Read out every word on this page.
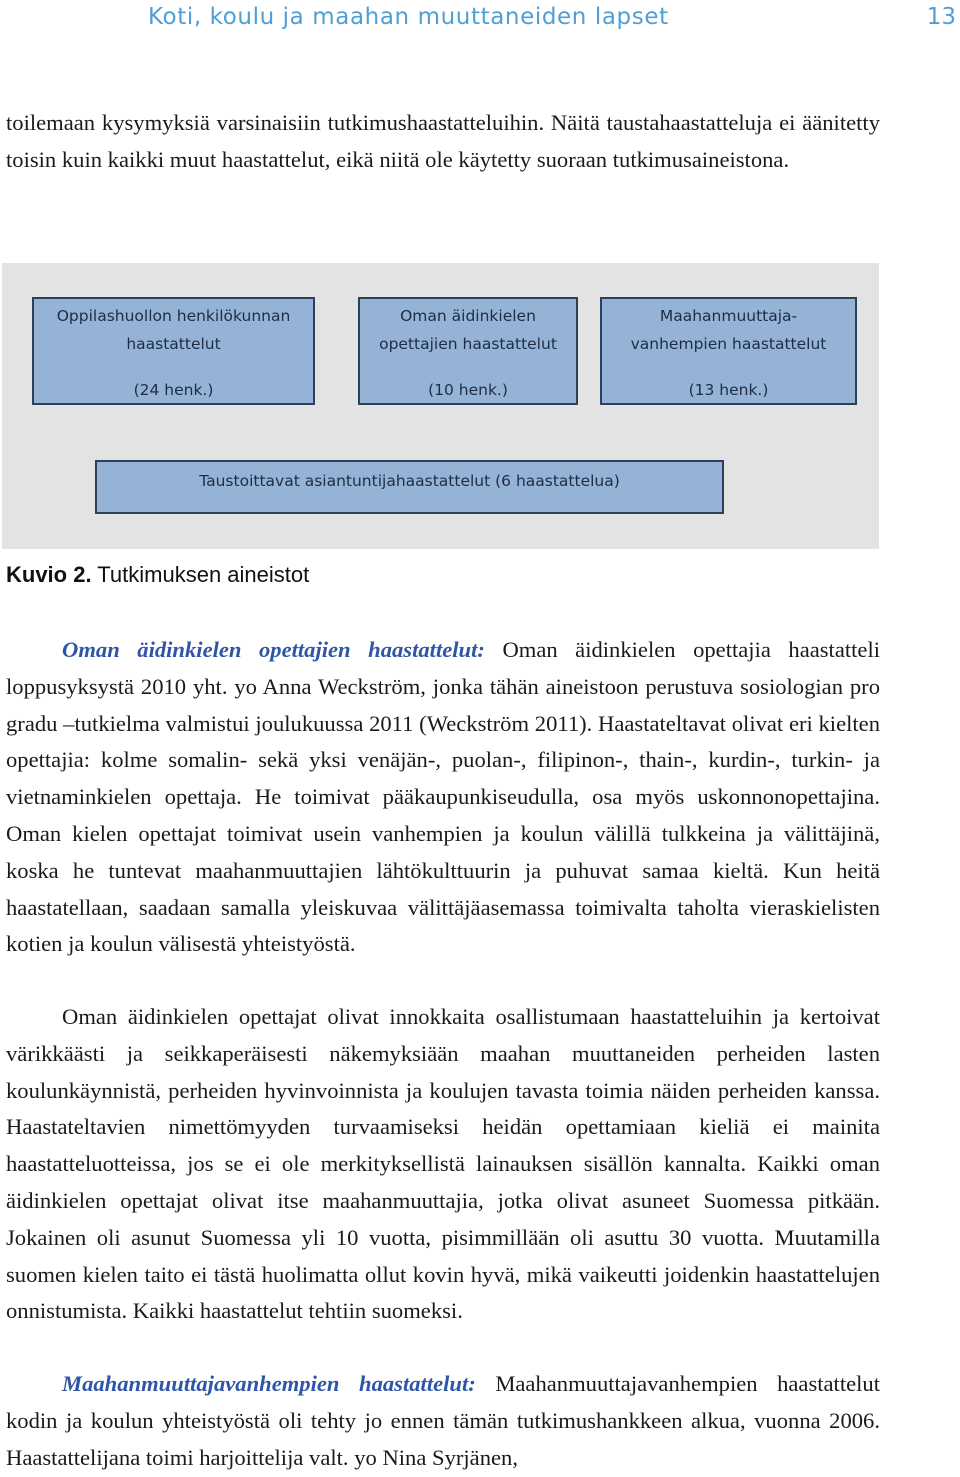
Koti, koulu ja maahan muuttaneiden lapset	13

toilemaan kysymyksiä varsinaisiin tutkimushaastatteluihin. Näitä taustahaastatteluja ei äänitetty toisin kuin kaikki muut haastattelut, eikä niitä ole käytetty suoraan tutkimusaineistona.

Oppilashuollon henkilökunnan
haastattelut
(24 henk.)
Oman äidinkielen
opettajien haastattelut
(10 henk.)
Maahanmuuttaja-
vanhempien haastattelut
(13 henk.)
Taustoittavat asiantuntijahaastattelut (6 haastattelua)

Kuvio 2. Tutkimuksen aineistot

Oman äidinkielen opettajien haastattelut: Oman äidinkielen opettajia haastatteli loppusyksystä 2010 yht. yo Anna Weckström, jonka tähän aineistoon perustuva sosiologian pro gradu –tutkielma valmistui joulukuussa 2011 (Weckström 2011). Haastateltavat olivat eri kielten opettajia: kolme somalin- sekä yksi venäjän-, puolan-, filipinon-, thain-, kurdin-, turkin- ja vietnaminkielen opettaja. He toimivat pääkaupunkiseudulla, osa myös uskonnonopettajina. Oman kielen opettajat toimivat usein vanhempien ja koulun välillä tulkkeina ja välittäjinä, koska he tuntevat maahanmuuttajien lähtökulttuurin ja puhuvat samaa kieltä. Kun heitä haastatellaan, saadaan samalla yleiskuvaa välittäjäasemassa toimivalta taholta vieraskielisten kotien ja koulun välisestä yhteistyöstä.

Oman äidinkielen opettajat olivat innokkaita osallistumaan haastatteluihin ja kertoivat värikkäästi ja seikkaperäisesti näkemyksiään maahan muuttaneiden perheiden lasten koulunkäynnistä, perheiden hyvinvoinnista ja koulujen tavasta toimia näiden perheiden kanssa. Haastateltavien nimettömyyden turvaamiseksi heidän opettamiaan kieliä ei mainita haastatteluotteissa, jos se ei ole merkityksellistä lainauksen sisällön kannalta. Kaikki oman äidinkielen opettajat olivat itse maahanmuuttajia, jotka olivat asuneet Suomessa pitkään. Jokainen oli asunut Suomessa yli 10 vuotta, pisimmillään oli asuttu 30 vuotta. Muutamilla suomen kielen taito ei tästä huolimatta ollut kovin hyvä, mikä vaikeutti joidenkin haastattelujen onnistumista. Kaikki haastattelut tehtiin suomeksi.

Maahanmuuttajavanhempien haastattelut: Maahanmuuttajavanhempien haastattelut kodin ja koulun yhteistyöstä oli tehty jo ennen tämän tutkimushankkeen alkua, vuonna 2006. Haastattelijana toimi harjoittelija valt. yo Nina Syrjänen,
